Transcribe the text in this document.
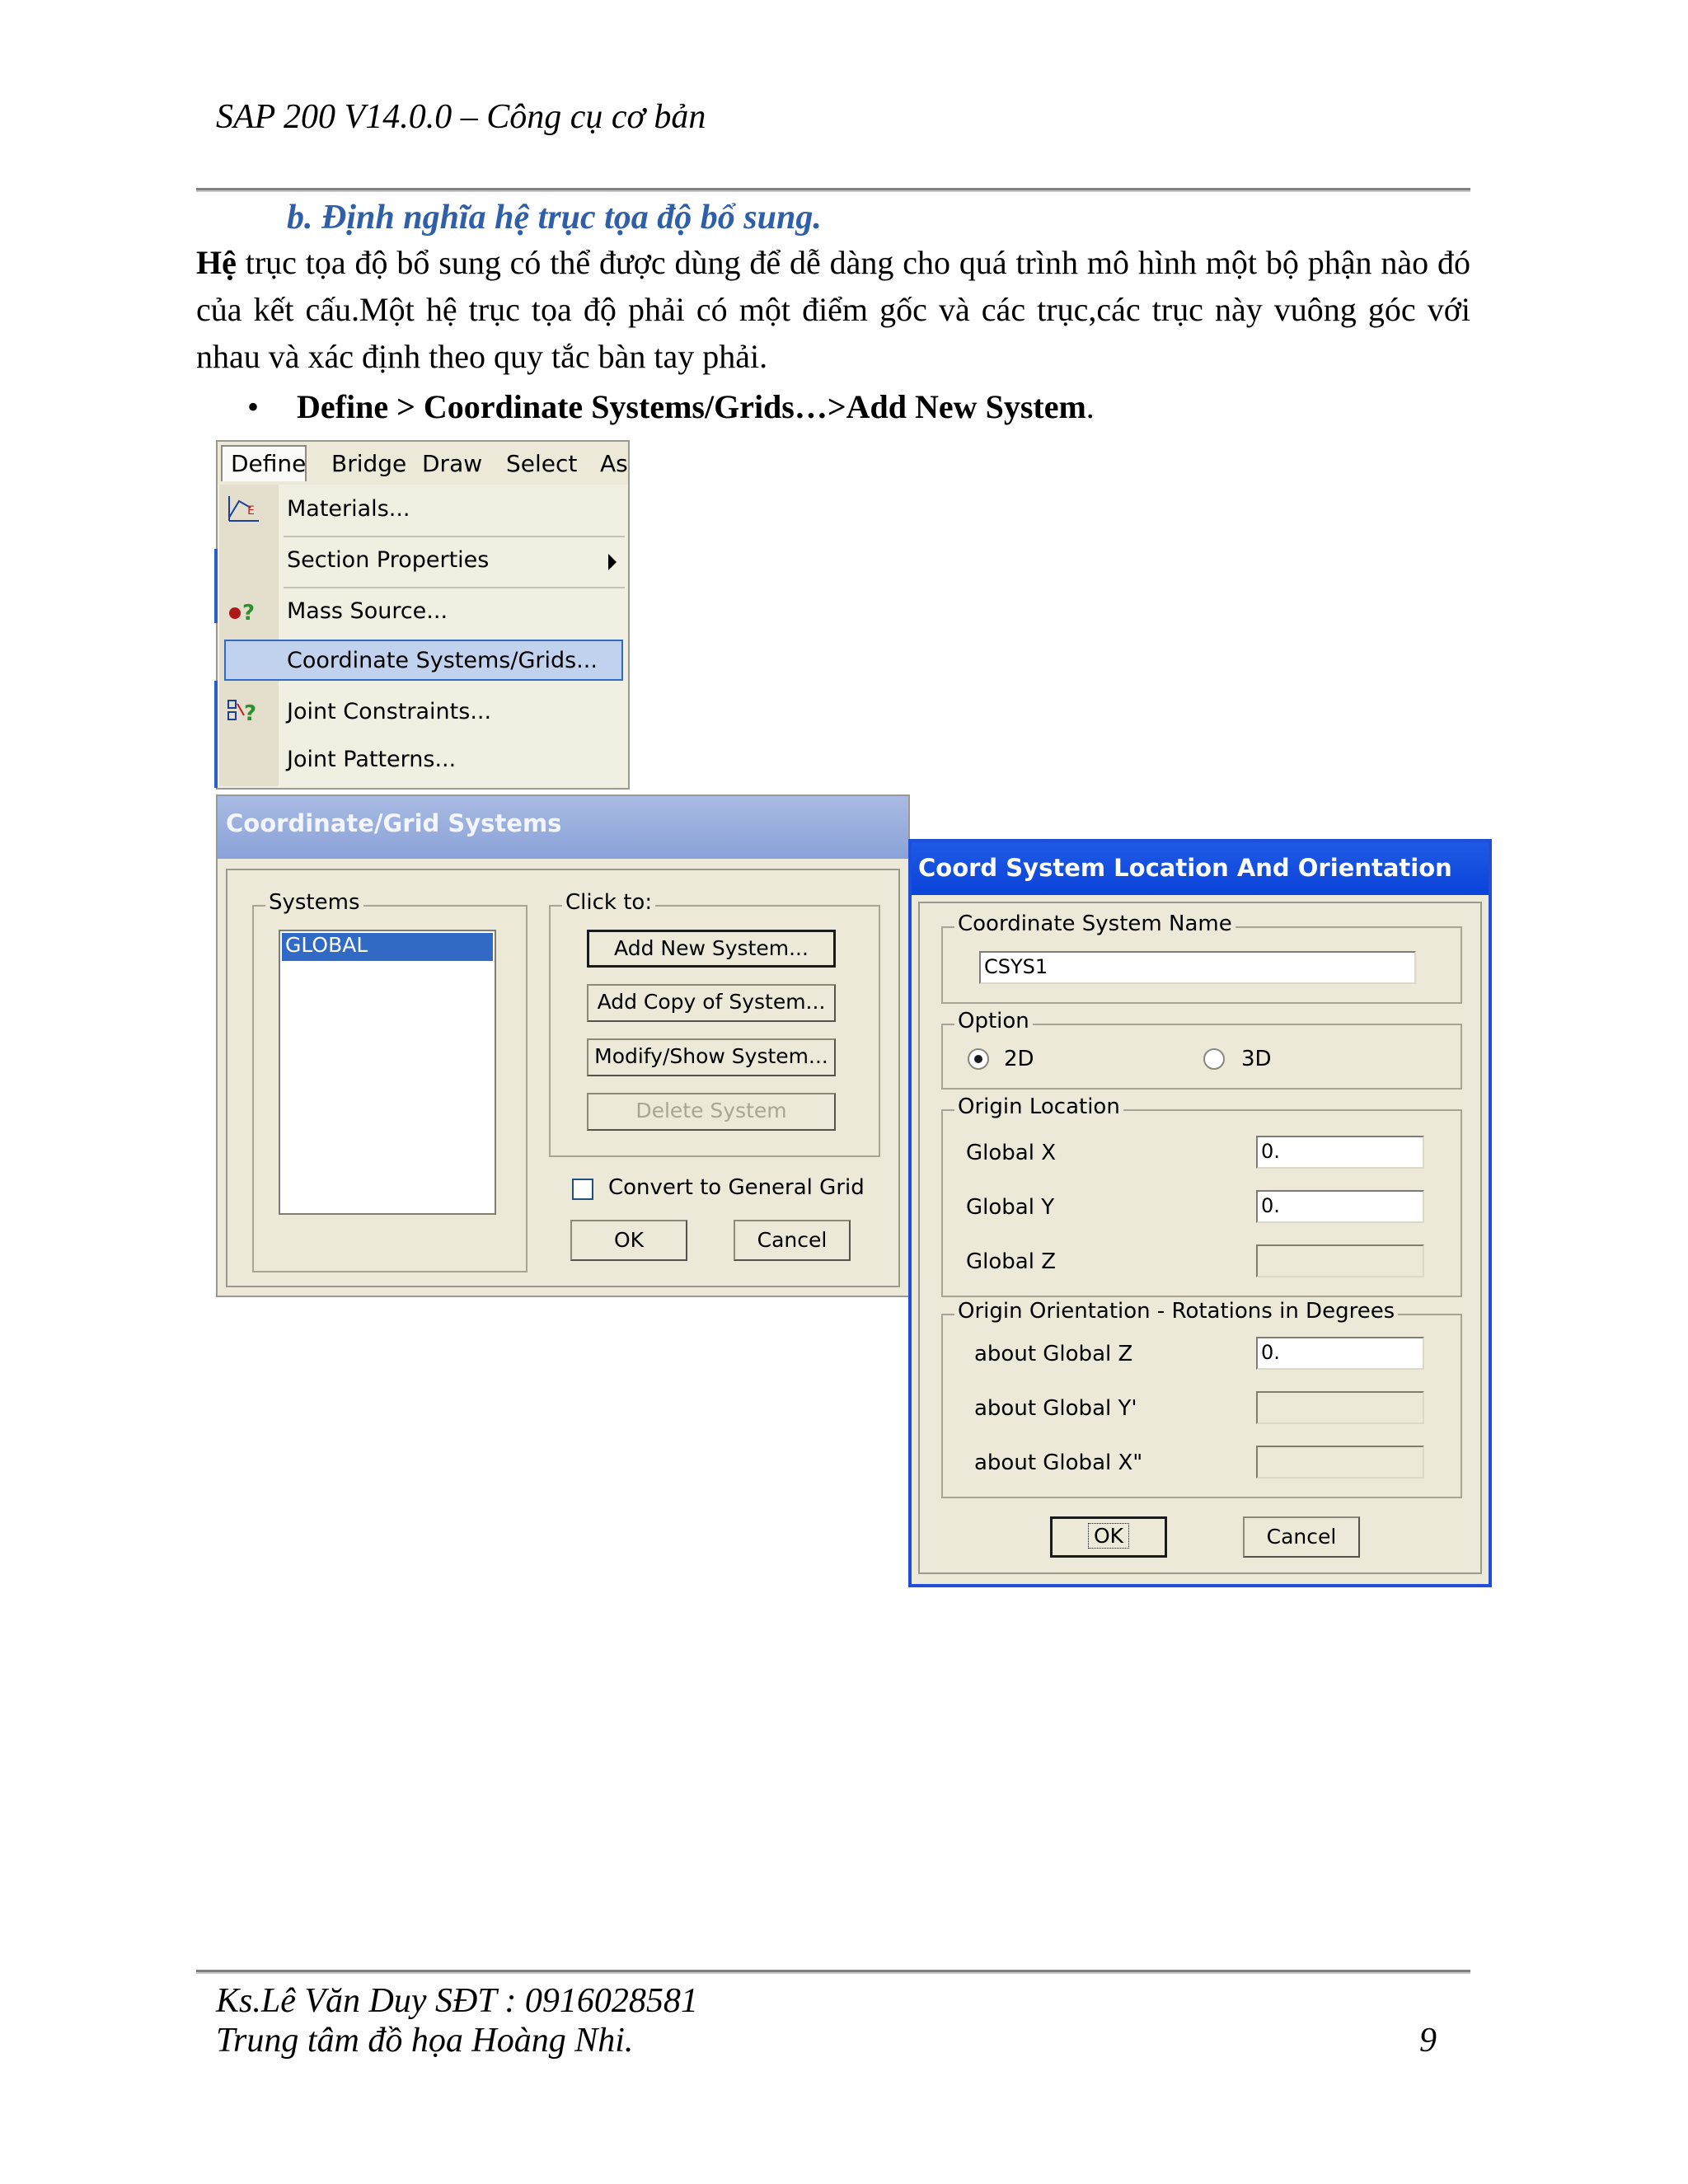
SAP 200 V14.0.0 – Công cụ cơ bản
b. Định nghĩa hệ trục tọa độ bổ sung.
Hệ trục tọa độ bổ sung có thể được dùng để dễ dàng cho quá trình mô hình một bộ phận nào đó của kết cấu.Một hệ trục tọa độ phải có một điểm gốc và các trục,các trục này vuông góc với nhau và xác định theo quy tắc bàn tay phải.
• Define > Coordinate Systems/Grids…>Add New System.
Define Bridge Draw Select As
E Materials...
Section Properties
? Mass Source...
Coordinate Systems/Grids...
? Joint Constraints...
Joint Patterns...
Coordinate/Grid Systems
Systems
GLOBAL
Click to:
Add New System...
Add Copy of System...
Modify/Show System...
Delete System
Convert to General Grid
OK	Cancel
Coord System Location And Orientation
Coordinate System Name
CSYS1
Option
2D	3D
Origin Location
Global X	0.
Global Y	0.
Global Z
Origin Orientation - Rotations in Degrees
about Global Z	0.
about Global Y'
about Global X"
OK	Cancel
Ks.Lê Văn Duy SĐT : 0916028581
Trung tâm đồ họa Hoàng Nhi.	9
